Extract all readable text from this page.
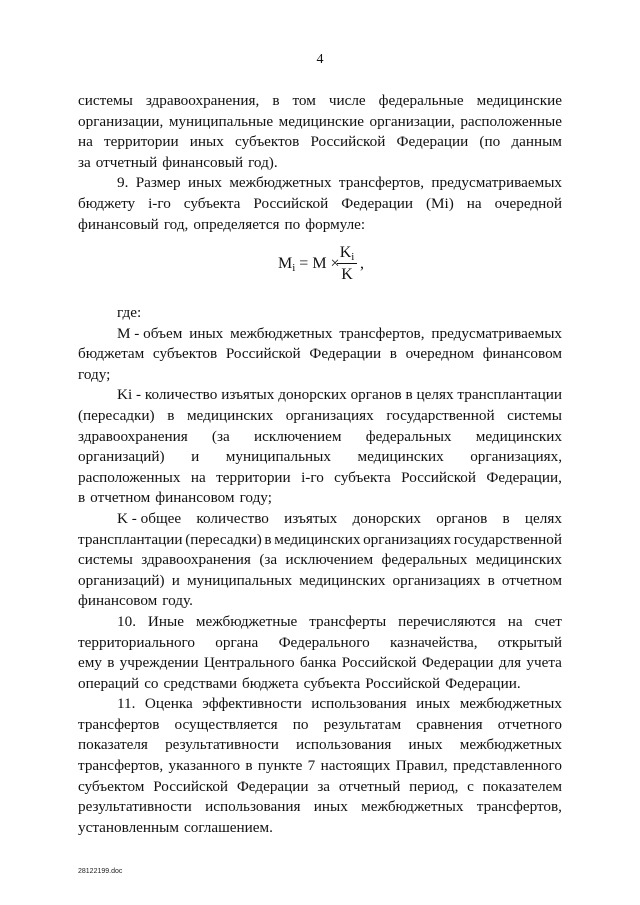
4
системы здравоохранения, в том числе федеральные медицинские
организации, муниципальные медицинские организации, расположенные
на территории иных субъектов Российской Федерации (по данным
за отчетный финансовый год).
9. Размер иных межбюджетных трансфертов, предусматриваемых
бюджету i-го субъекта Российской Федерации (Mi) на очередной
финансовый год, определяется по формуле:
Mi = M ×
Ki
K
,
где:
М - объем иных межбюджетных трансфертов, предусматриваемых
бюджетам субъектов Российской Федерации в очередном финансовом
году;
Ki - количество изъятых донорских органов в целях трансплантации
(пересадки) в медицинских организациях государственной системы
здравоохранения (за исключением федеральных медицинских
организаций) и муниципальных медицинских организациях,
расположенных на территории i-го субъекта Российской Федерации,
в отчетном финансовом году;
K - общее количество изъятых донорских органов в целях
трансплантации (пересадки) в медицинских организациях государственной
системы здравоохранения (за исключением федеральных медицинских
организаций) и муниципальных медицинских организациях в отчетном
финансовом году.
10. Иные межбюджетные трансферты перечисляются на счет
территориального органа Федерального казначейства, открытый
ему в учреждении Центрального банка Российской Федерации для учета
операций со средствами бюджета субъекта Российской Федерации.
11. Оценка эффективности использования иных межбюджетных
трансфертов осуществляется по результатам сравнения отчетного
показателя результативности использования иных межбюджетных
трансфертов, указанного в пункте 7 настоящих Правил, представленного
субъектом Российской Федерации за отчетный период, с показателем
результативности использования иных межбюджетных трансфертов,
установленным соглашением.
28122199.doc
